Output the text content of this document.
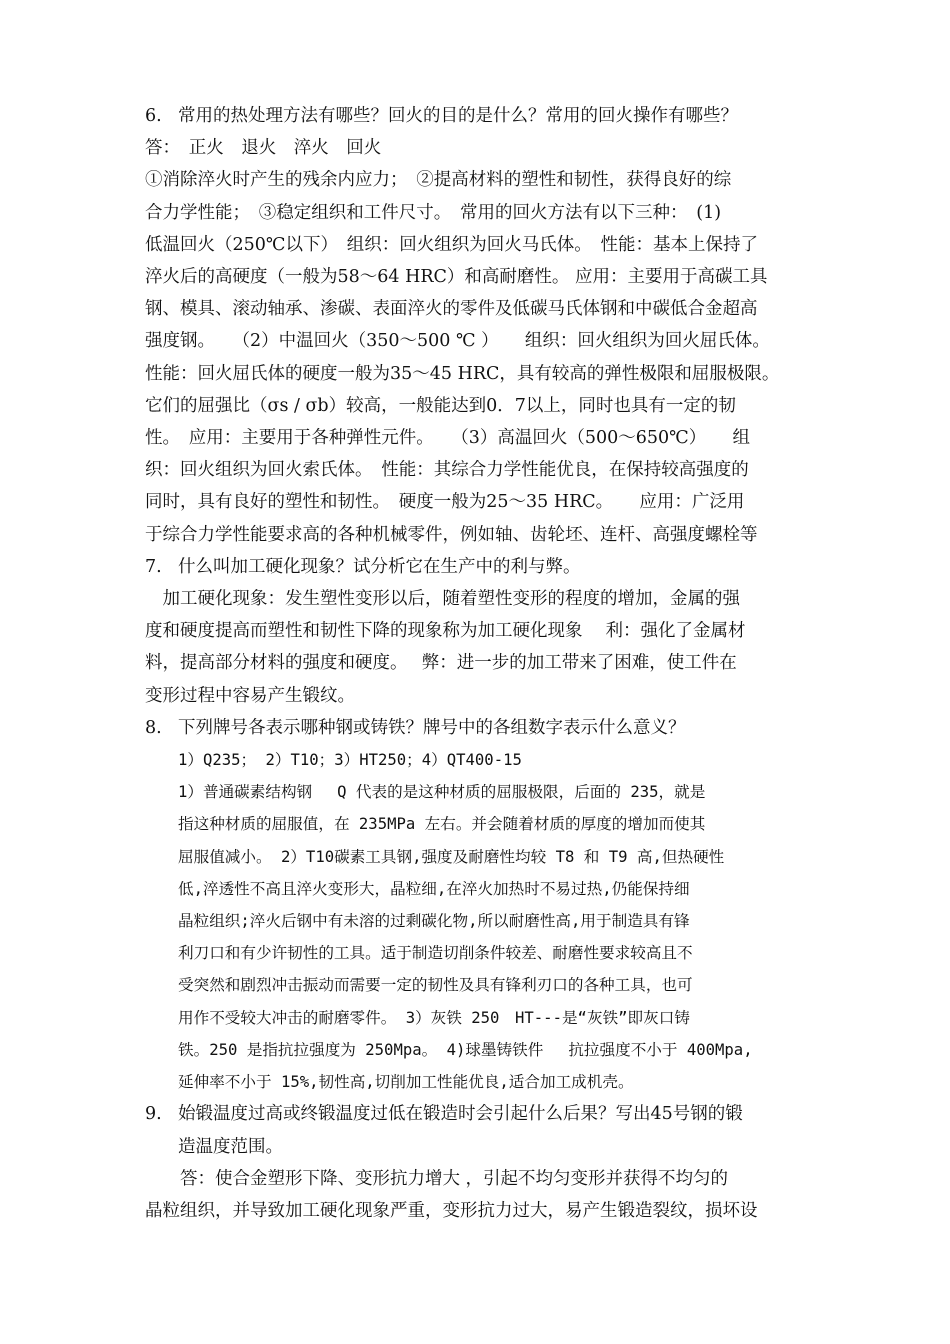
6. 常用的热处理方法有哪些？回火的目的是什么？常用的回火操作有哪些？
答：　正火　退火　淬火　回火
①消除淬火时产生的残余内应力；　②提高材料的塑性和韧性，获得良好的综
合力学性能；　③稳定组织和工件尺寸。　常用的回火方法有以下三种：　(1)
低温回火（250℃以下）　组织：回火组织为回火马氏体。　性能：基本上保持了
淬火后的高硬度（一般为58～64 HRC）和高耐磨性。 应用：主要用于高碳工具
钢、模具、滚动轴承、渗碳、表面淬火的零件及低碳马氏体钢和中碳低合金超高
强度钢。　　（2）中温回火（350～500 ℃ ）　　组织：回火组织为回火屈氏体。
性能：回火屈氏体的硬度一般为35～45 HRC，具有较高的弹性极限和屈服极限。
它们的屈强比（σs / σb）较高，一般能达到0．7以上，同时也具有一定的韧
性。　应用：主要用于各种弹性元件。　　（3）高温回火（500～650℃）　　组
织：回火组织为回火索氏体。　性能：其综合力学性能优良，在保持较高强度的
同时，具有良好的塑性和韧性。　硬度一般为25～35 HRC。　　应用：广泛用
于综合力学性能要求高的各种机械零件，例如轴、齿轮坯、连杆、高强度螺栓等
7. 什么叫加工硬化现象？试分析它在生产中的利与弊。
　加工硬化现象：发生塑性变形以后，随着塑性变形的程度的增加，金属的强
度和硬度提高而塑性和韧性下降的现象称为加工硬化现象　 利：强化了金属材
料，提高部分材料的强度和硬度。　 弊：进一步的加工带来了困难，使工件在
变形过程中容易产生锻纹。
8. 下列牌号各表示哪种钢或铸铁？牌号中的各组数字表示什么意义？
1）Q235； 2）T10；3）HT250；4）QT400-15
1）普通碳素结构钢　 Q 代表的是这种材质的屈服极限，后面的 235，就是
指这种材质的屈服值，在 235MPa 左右。并会随着材质的厚度的增加而使其
屈服值减小。 2）T10碳素工具钢,强度及耐磨性均较 T8 和 T9 高,但热硬性
低,淬透性不高且淬火变形大，晶粒细,在淬火加热时不易过热,仍能保持细
晶粒组织;淬火后钢中有未溶的过剩碳化物,所以耐磨性高,用于制造具有锋
利刀口和有少许韧性的工具。适于制造切削条件较差、耐磨性要求较高且不
受突然和剧烈冲击振动而需要一定的韧性及具有锋利刃口的各种工具，也可
用作不受较大冲击的耐磨零件。 3）灰铁 250　HT---是“灰铁”即灰口铸
铁。250 是指抗拉强度为 250Mpa。 4)球墨铸铁件　 抗拉强度不小于 400Mpa,
延伸率不小于 15%,韧性高,切削加工性能优良,适合加工成机壳。
9. 始锻温度过高或终锻温度过低在锻造时会引起什么后果？写出45号钢的锻
造温度范围。
　　答：使合金塑形下降、变形抗力增大 ，引起不均匀变形并获得不均匀的
晶粒组织，并导致加工硬化现象严重，变形抗力过大，易产生锻造裂纹，损坏设
